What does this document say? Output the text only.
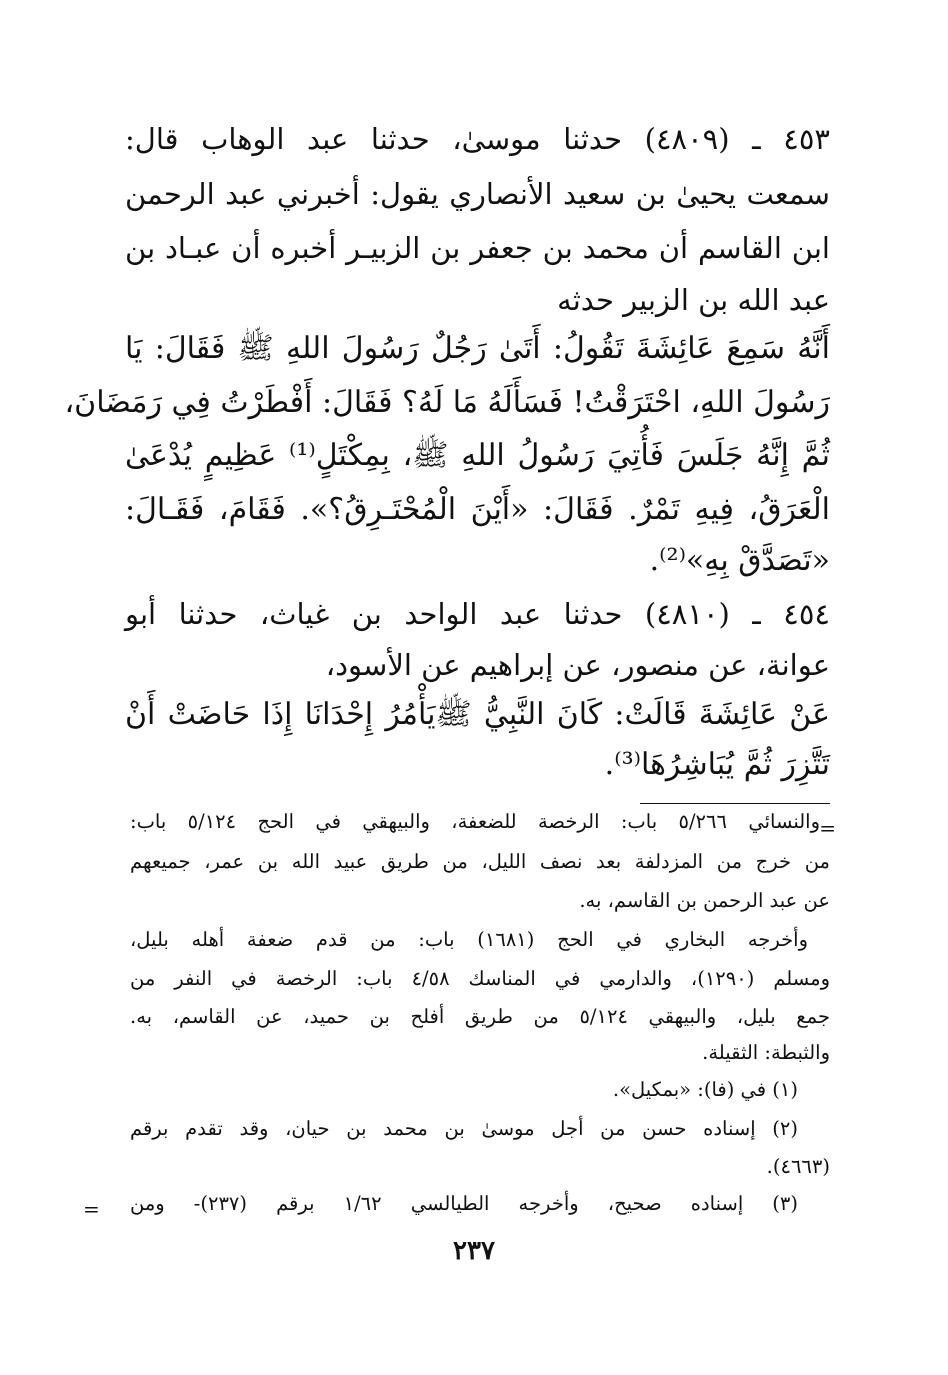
٤٥٣ ـ (٤٨٠٩) حدثنا موسىٰ، حدثنا عبد الوهاب قال:
سمعت يحيىٰ بن سعيد الأنصاري يقول: أخبرني عبد الرحمن
ابن القاسم أن محمد بن جعفر بن الزبيـر أخبره أن عبـاد بن
عبد الله بن الزبير حدثه
أَنَّهُ سَمِعَ عَائِشَةَ تَقُولُ: أَتَىٰ رَجُلٌ رَسُولَ اللهِ ﷺ فَقَالَ: يَا
رَسُولَ اللهِ، احْتَرَقْتُ! فَسَأَلَهُ مَا لَهُ؟ فَقَالَ: أَفْطَرْتُ فِي رَمَضَانَ،
ثُمَّ إِنَّهُ جَلَسَ فَأُتِيَ رَسُولُ اللهِ ﷺ، بِمِكْتَلٍ⁽¹⁾ عَظِيمٍ يُدْعَىٰ
الْعَرَقُ، فِيهِ تَمْرٌ. فَقَالَ: «أَيْنَ الْمُحْتَـرِقُ؟». فَقَامَ، فَقَـالَ:
«تَصَدَّقْ بِهِ»⁽²⁾.
٤٥٤ ـ (٤٨١٠) حدثنا عبد الواحد بن غياث، حدثنا أبو
عوانة، عن منصور، عن إبراهيم عن الأسود،
عَنْ عَائِشَةَ قَالَتْ: كَانَ النَّبِيُّ ﷺيَأْمُرُ إِحْدَانَا إِذَا حَاضَتْ أَنْ
تَتَّزِرَ ثُمَّ يُبَاشِرُهَا⁽³⁾.
=
والنسائي ٥/٢٦٦ باب: الرخصة للضعفة، والبيهقي في الحج ٥/١٢٤ باب:
من خرج من المزدلفة بعد نصف الليل، من طريق عبيد الله بن عمر، جميعهم
عن عبد الرحمن بن القاسم، به.
وأخرجه البخاري في الحج (١٦٨١) باب: من قدم ضعفة أهله بليل،
ومسلم (١٢٩٠)، والدارمي في المناسك ٤/٥٨ باب: الرخصة في النفر من
جمع بليل، والبيهقي ٥/١٢٤ من طريق أفلح بن حميد، عن القاسم، به.
والثبطة: الثقيلة.
(١) في (فا): «بمكيل».
(٢) إسناده حسن من أجل موسىٰ بن محمد بن حيان، وقد تقدم برقم
(٤٦٦٣).
(٣) إسناده صحيح، وأخرجه الطيالسي ١/٦٢ برقم (٢٣٧)- ومن
=
٢٣٧
